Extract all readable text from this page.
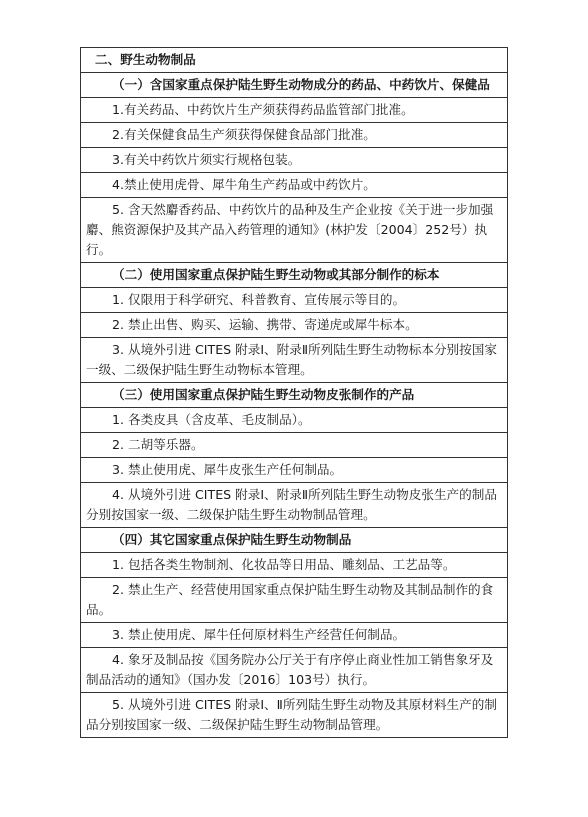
二、野生动物制品
（一）含国家重点保护陆生野生动物成分的药品、中药饮片、保健品
1.有关药品、中药饮片生产须获得药品监管部门批准。
2.有关保健食品生产须获得保健食品部门批准。
3.有关中药饮片须实行规格包装。
4.禁止使用虎骨、犀牛角生产药品或中药饮片。
5. 含天然麝香药品、中药饮片的品种及生产企业按《关于进一步加强麝、熊资源保护及其产品入药管理的通知》(林护发〔2004〕252号）执行。
（二）使用国家重点保护陆生野生动物或其部分制作的标本
1. 仅限用于科学研究、科普教育、宣传展示等目的。
2. 禁止出售、购买、运输、携带、寄递虎或犀牛标本。
3. 从境外引进 CITES 附录Ⅰ、附录Ⅱ所列陆生野生动物标本分别按国家一级、二级保护陆生野生动物标本管理。
（三）使用国家重点保护陆生野生动物皮张制作的产品
1. 各类皮具（含皮革、毛皮制品）。
2. 二胡等乐器。
3. 禁止使用虎、犀牛皮张生产任何制品。
4. 从境外引进 CITES 附录Ⅰ、附录Ⅱ所列陆生野生动物皮张生产的制品分别按国家一级、二级保护陆生野生动物制品管理。
（四）其它国家重点保护陆生野生动物制品
1. 包括各类生物制剂、化妆品等日用品、雕刻品、工艺品等。
2. 禁止生产、经营使用国家重点保护陆生野生动物及其制品制作的食品。
3. 禁止使用虎、犀牛任何原材料生产经营任何制品。
4. 象牙及制品按《国务院办公厅关于有序停止商业性加工销售象牙及制品活动的通知》（国办发〔2016〕103号）执行。
5. 从境外引进 CITES 附录Ⅰ、Ⅱ所列陆生野生动物及其原材料生产的制品分别按国家一级、二级保护陆生野生动物制品管理。
